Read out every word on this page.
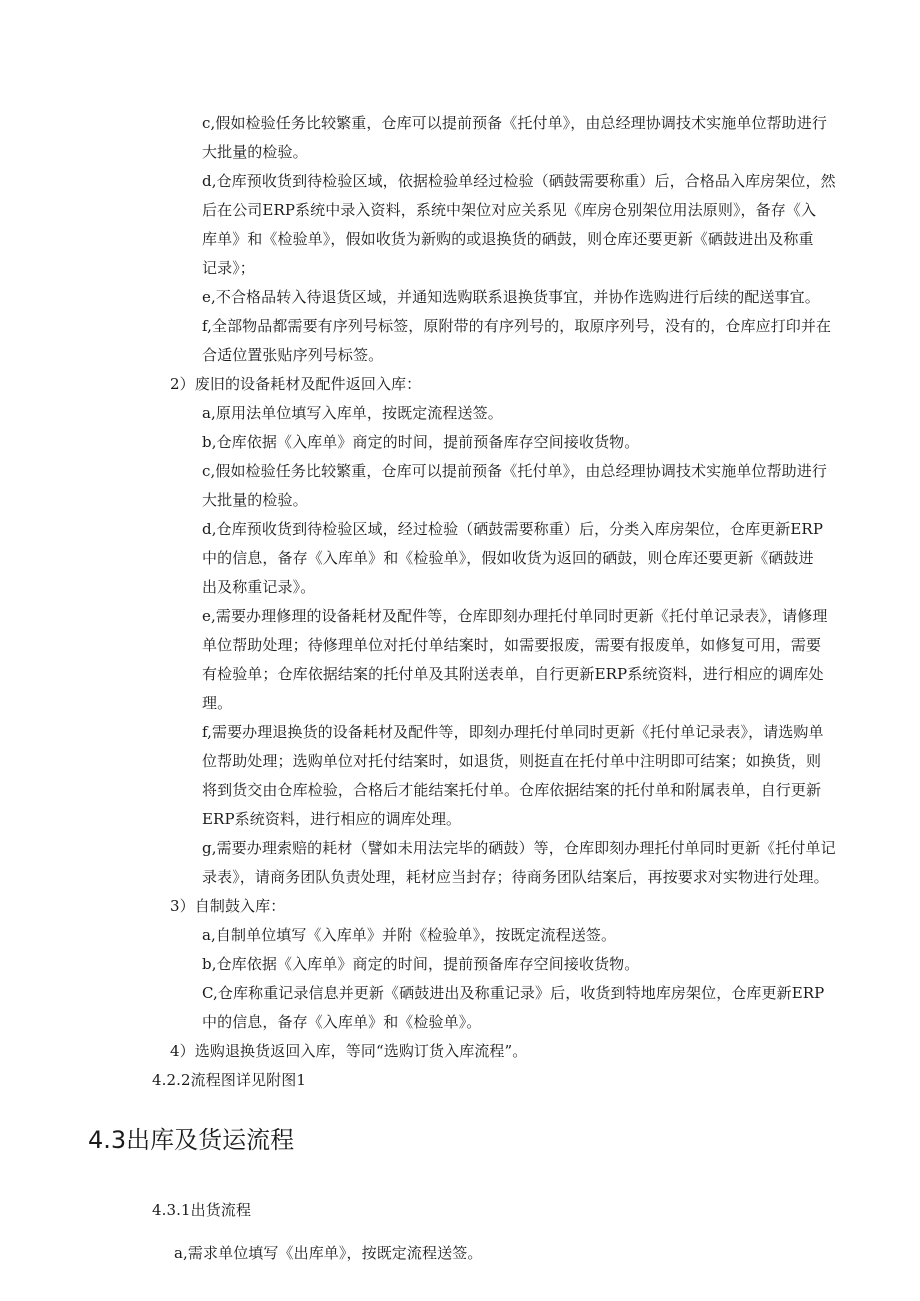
c,假如检验任务比较繁重，仓库可以提前预备《托付单》，由总经理协调技术实施单位帮助进行
大批量的检验。
d,仓库预收货到待检验区域，依据检验单经过检验（硒鼓需要称重）后，合格品入库房架位，然
后在公司ERP系统中录入资料，系统中架位对应关系见《库房仓别架位用法原则》，备存《入
库单》和《检验单》，假如收货为新购的或退换货的硒鼓，则仓库还要更新《硒鼓进出及称重
记录》；
e,不合格品转入待退货区域，并通知选购联系退换货事宜，并协作选购进行后续的配送事宜。
f,全部物品都需要有序列号标签，原附带的有序列号的，取原序列号，没有的，仓库应打印并在
合适位置张贴序列号标签。
2）废旧的设备耗材及配件返回入库：
a,原用法单位填写入库单，按既定流程送签。
b,仓库依据《入库单》商定的时间，提前预备库存空间接收货物。
c,假如检验任务比较繁重，仓库可以提前预备《托付单》，由总经理协调技术实施单位帮助进行
大批量的检验。
d,仓库预收货到待检验区域，经过检验（硒鼓需要称重）后，分类入库房架位，仓库更新ERP
中的信息，备存《入库单》和《检验单》，假如收货为返回的硒鼓，则仓库还要更新《硒鼓进
出及称重记录》。
e,需要办理修理的设备耗材及配件等，仓库即刻办理托付单同时更新《托付单记录表》，请修理
单位帮助处理；待修理单位对托付单结案时，如需要报废，需要有报废单，如修复可用，需要
有检验单；仓库依据结案的托付单及其附送表单，自行更新ERP系统资料，进行相应的调库处
理。
f,需要办理退换货的设备耗材及配件等，即刻办理托付单同时更新《托付单记录表》，请选购单
位帮助处理；选购单位对托付结案时，如退货，则挺直在托付单中注明即可结案；如换货，则
将到货交由仓库检验，合格后才能结案托付单。仓库依据结案的托付单和附属表单，自行更新
ERP系统资料，进行相应的调库处理。
g,需要办理索赔的耗材（譬如未用法完毕的硒鼓）等，仓库即刻办理托付单同时更新《托付单记
录表》，请商务团队负责处理，耗材应当封存；待商务团队结案后，再按要求对实物进行处理。
3）自制鼓入库：
a,自制单位填写《入库单》并附《检验单》，按既定流程送签。
b,仓库依据《入库单》商定的时间，提前预备库存空间接收货物。
C,仓库称重记录信息并更新《硒鼓进出及称重记录》后，收货到特地库房架位，仓库更新ERP
中的信息，备存《入库单》和《检验单》。
4）选购退换货返回入库，等同“选购订货入库流程”。
4.2.2流程图详见附图1
4.3出库及货运流程
4.3.1出货流程
a,需求单位填写《出库单》，按既定流程送签。
